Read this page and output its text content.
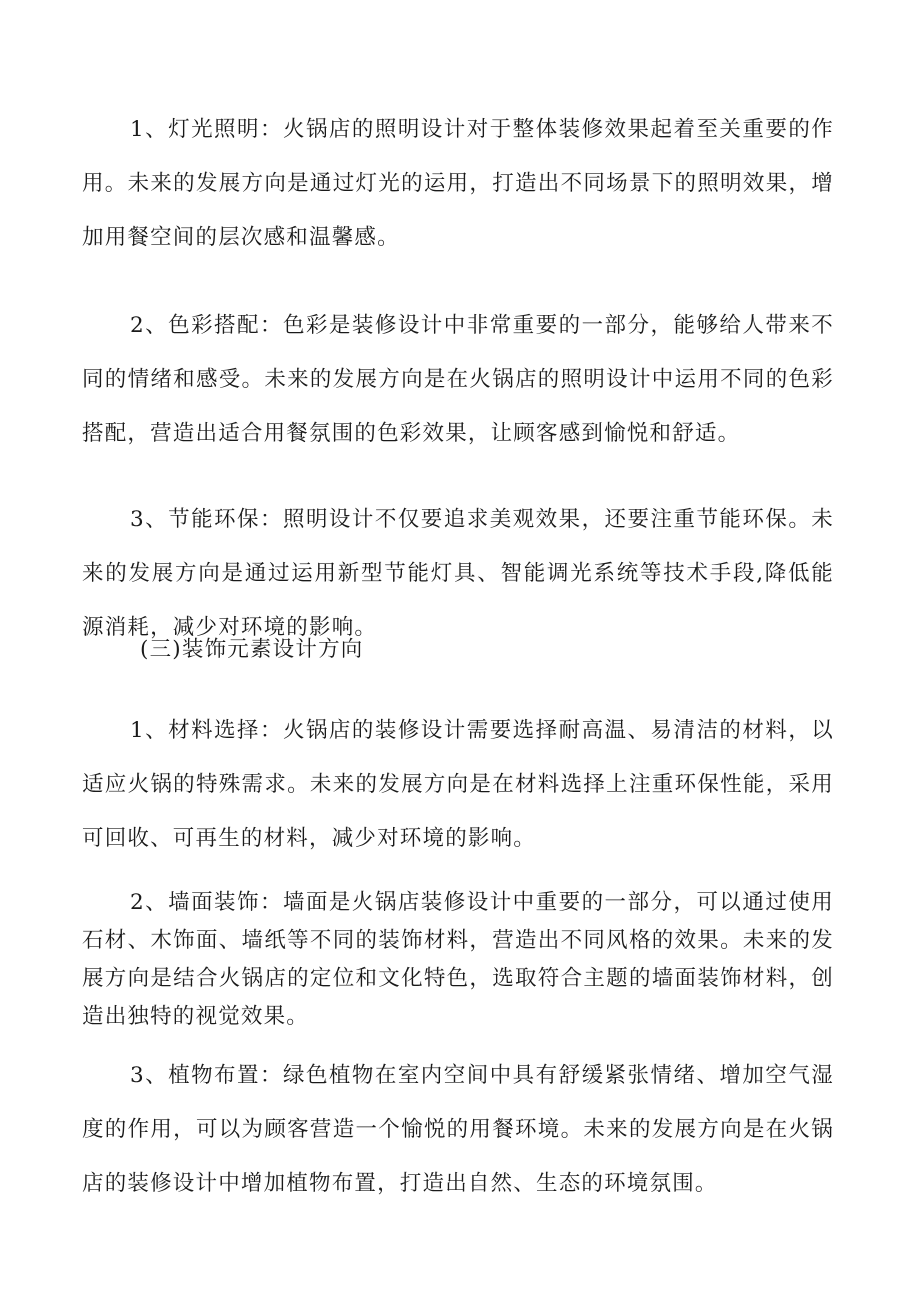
1、灯光照明：火锅店的照明设计对于整体装修效果起着至关重要的作用。未来的发展方向是通过灯光的运用，打造出不同场景下的照明效果，增加用餐空间的层次感和温馨感。

2、色彩搭配：色彩是装修设计中非常重要的一部分，能够给人带来不同的情绪和感受。未来的发展方向是在火锅店的照明设计中运用不同的色彩搭配，营造出适合用餐氛围的色彩效果，让顾客感到愉悦和舒适。

3、节能环保：照明设计不仅要追求美观效果，还要注重节能环保。未来的发展方向是通过运用新型节能灯具、智能调光系统等技术手段,降低能源消耗，减少对环境的影响。

(三)装饰元素设计方向

1、材料选择：火锅店的装修设计需要选择耐高温、易清洁的材料，以适应火锅的特殊需求。未来的发展方向是在材料选择上注重环保性能，采用可回收、可再生的材料，减少对环境的影响。

2、墙面装饰：墙面是火锅店装修设计中重要的一部分，可以通过使用石材、木饰面、墙纸等不同的装饰材料，营造出不同风格的效果。未来的发展方向是结合火锅店的定位和文化特色，选取符合主题的墙面装饰材料，创造出独特的视觉效果。

3、植物布置：绿色植物在室内空间中具有舒缓紧张情绪、增加空气湿度的作用，可以为顾客营造一个愉悦的用餐环境。未来的发展方向是在火锅店的装修设计中增加植物布置，打造出自然、生态的环境氛围。
